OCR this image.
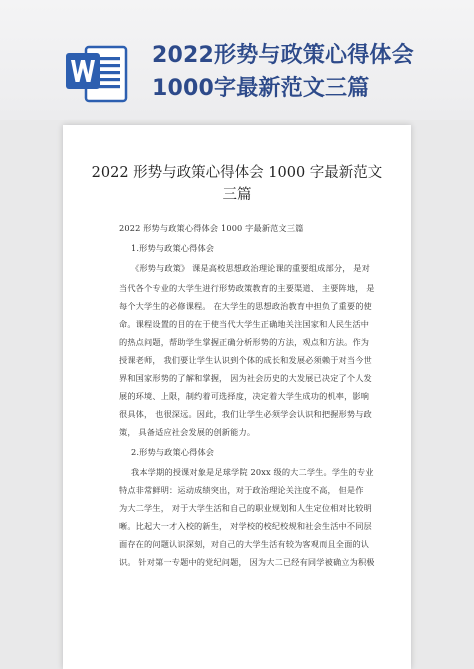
2022形势与政策心得体会
1000字最新范文三篇
2022 形势与政策心得体会 1000 字最新范文
三篇
2022 形势与政策心得体会 1000 字最新范文三篇
1.形势与政策心得体会
《形势与政策》 课是高校思想政治理论课的重要组成部分， 是对
当代各个专业的大学生进行形势政策教育的主要渠道、 主要阵地， 是
每个大学生的必修课程。 在大学生的思想政治教育中担负了重要的使
命。课程设置的目的在于使当代大学生正确地关注国家和人民生活中
的热点问题，帮助学生掌握正确分析形势的方法，观点和方法。作为
授课老师， 我们要让学生认识到个体的成长和发展必须赖于对当今世
界和国家形势的了解和掌握， 因为社会历史的大发展已决定了个人发
展的环境、上限，制约着可选择度，决定着大学生成功的机率，影响
很具体， 也很深远。因此，我们让学生必须学会认识和把握形势与政
策， 具备适应社会发展的创新能力。
2.形势与政策心得体会
我本学期的授课对象是足球学院 20xx 级的大二学生。学生的专业
特点非常鲜明：运动成绩突出，对于政治理论关注度不高， 但是作
为大二学生， 对于大学生活和自己的职业规划和人生定位相对比较明
晰。比起大一才入校的新生， 对学校的校纪校规和社会生活中不同层
面存在的问题认识深刻，对自己的大学生活有较为客观而且全面的认
识。 针对第一专题中的党纪问题， 因为大二已经有同学被确立为积极
